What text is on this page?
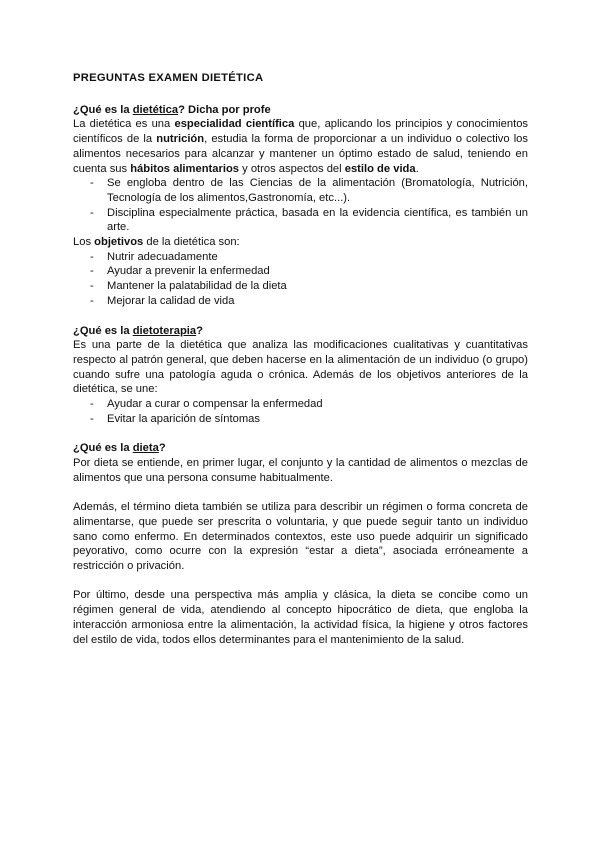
PREGUNTAS EXAMEN DIETÉTICA
¿Qué es la dietética? Dicha por profe

La dietética es una especialidad científica que, aplicando los principios y conocimientos científicos de la nutrición, estudia la forma de proporcionar a un individuo o colectivo los alimentos necesarios para alcanzar y mantener un óptimo estado de salud, teniendo en cuenta sus hábitos alimentarios y otros aspectos del estilo de vida.

- Se engloba dentro de las Ciencias de la alimentación (Bromatología, Nutrición, Tecnología de los alimentos,Gastronomía, etc...).
- Disciplina especialmente práctica, basada en la evidencia científica, es también un arte.

Los objetivos de la dietética son:

- Nutrir adecuadamente
- Ayudar a prevenir la enfermedad
- Mantener la palatabilidad de la dieta
- Mejorar la calidad de vida
¿Qué es la dietoterapia?

Es una parte de la dietética que analiza las modificaciones cualitativas y cuantitativas respecto al patrón general, que deben hacerse en la alimentación de un individuo (o grupo) cuando sufre una patología aguda o crónica. Además de los objetivos anteriores de la dietética, se une:

- Ayudar a curar o compensar la enfermedad
- Evitar la aparición de síntomas
¿Qué es la dieta?

Por dieta se entiende, en primer lugar, el conjunto y la cantidad de alimentos o mezclas de alimentos que una persona consume habitualmente.

Además, el término dieta también se utiliza para describir un régimen o forma concreta de alimentarse, que puede ser prescrita o voluntaria, y que puede seguir tanto un individuo sano como enfermo. En determinados contextos, este uso puede adquirir un significado peyorativo, como ocurre con la expresión “estar a dieta”, asociada erróneamente a restricción o privación.

Por último, desde una perspectiva más amplia y clásica, la dieta se concibe como un régimen general de vida, atendiendo al concepto hipocrático de dieta, que engloba la interacción armoniosa entre la alimentación, la actividad física, la higiene y otros factores del estilo de vida, todos ellos determinantes para el mantenimiento de la salud.
